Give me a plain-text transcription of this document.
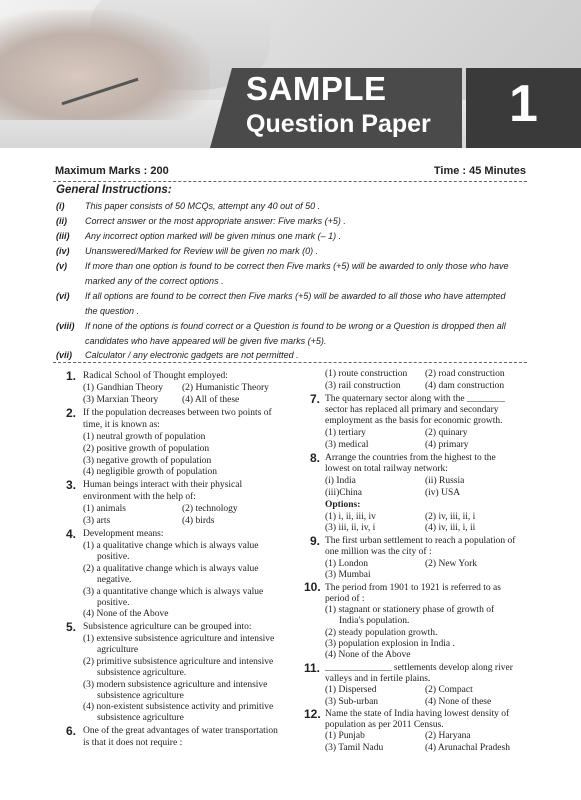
SAMPLE
Question Paper	1
Maximum Marks : 200	Time : 45 Minutes
General Instructions:
(i) This paper consists of 50 MCQs, attempt any 40 out of 50 .
(ii) Correct answer or the most appropriate answer: Five marks (+5) .
(iii) Any incorrect option marked will be given minus one mark (– 1) .
(iv) Unanswered/Marked for Review will be given no mark (0) .
(v) If more than one option is found to be correct then Five marks (+5) will be awarded to only those who have
marked any of the correct options .
(vi) If all options are found to be correct then Five marks (+5) will be awarded to all those who have attempted
the question .
(viii) If none of the options is found correct or a Question is found to be wrong or a Question is dropped then all
candidates who have appeared will be given five marks (+5).
(vii) Calculator / any electronic gadgets are not permitted .
1. Radical School of Thought employed:
(1) Gandhian Theory (2) Humanistic Theory
(3) Marxian Theory (4) All of these
2. If the population decreases between two points of
time, it is known as:
(1) neutral growth of population
(2) positive growth of population
(3) negative growth of population
(4) negligible growth of population
3. Human beings interact with their physical
environment with the help of:
(1) animals	(2) technology
(3) arts	(4) birds
4. Development means:
(1) a qualitative change which is always value
positive.
(2) a qualitative change which is always value
negative.
(3) a quantitative change which is always value
positive.
(4) None of the Above
5. Subsistence agriculture can be grouped into:
(1) extensive subsistence agriculture and intensive
agriculture
(2) primitive subsistence agriculture and intensive
subsistence agriculture.
(3) modern subsistence agriculture and intensive
subsistence agriculture
(4) non-existent subsistence activity and primitive
subsistence agriculture
6. One of the great advantages of water transportation
is that it does not require :
(1) route construction (2) road construction
(3) rail construction	(4) dam construction
7. The quaternary sector along with the ________
sector has replaced all primary and secondary
employment as the basis for economic growth.
(1) tertiary	(2) quinary
(3) medical	(4) primary
8. Arrange the countries from the highest to the
lowest on total railway network:
(i) India	(ii) Russia
(iii)China	(iv) USA
Options:
(1) i, ii, iii, iv	(2) iv, iii, ii, i
(3) iii, ii, iv, i	(4) iv, iii, i, ii
9. The first urban settlement to reach a population of
one million was the city of :
(1) London	(2) New York
(3) Mumbai
10. The period from 1901 to 1921 is referred to as
period of :
(1) stagnant or stationery phase of growth of
India's population.
(2) steady population growth.
(3) population explosion in India .
(4) None of the Above
11. ______________ settlements develop along river
valleys and in fertile plains.
(1) Dispersed	(2) Compact
(3) Sub-urban	(4) None of these
12. Name the state of India having lowest density of
population as per 2011 Census.
(1) Punjab	(2) Haryana
(3) Tamil Nadu	(4) Arunachal Pradesh
